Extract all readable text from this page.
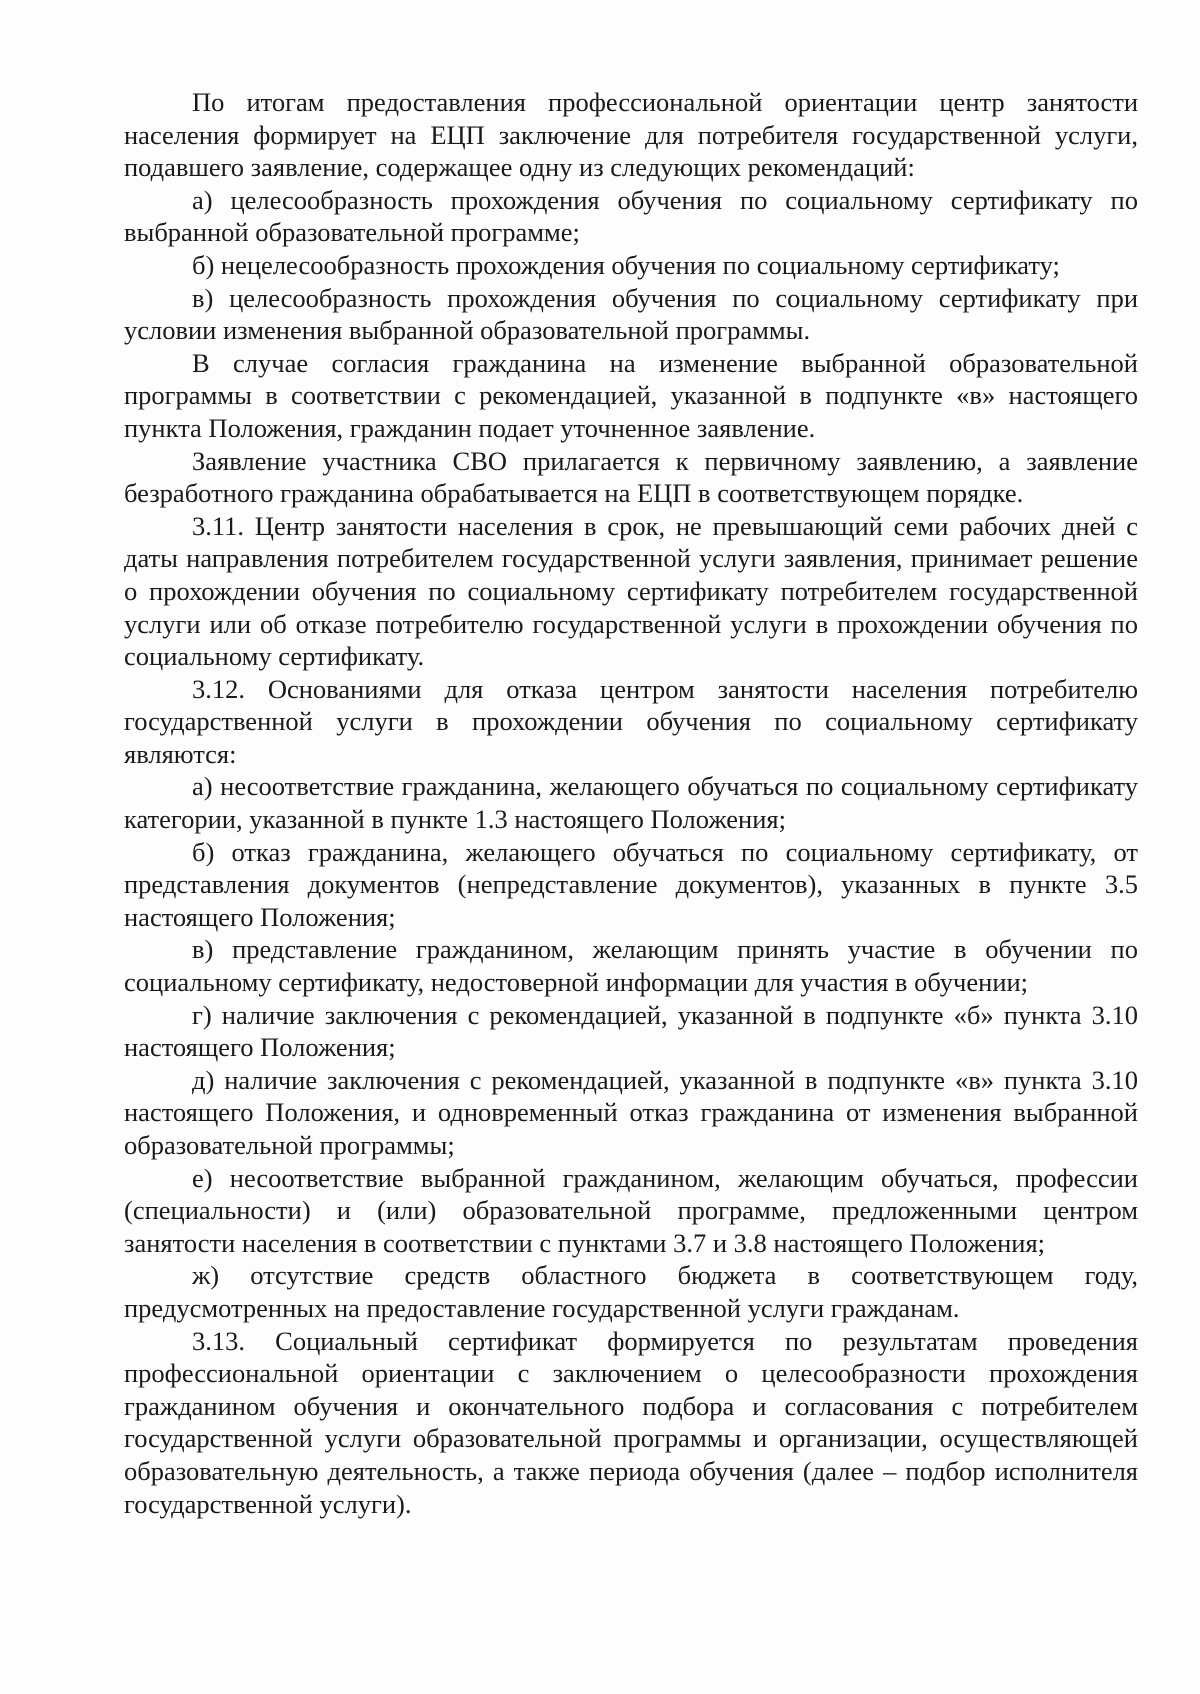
По итогам предоставления профессиональной ориентации центр занятости населения формирует на ЕЦП заключение для потребителя государственной услуги, подавшего заявление, содержащее одну из следующих рекомендаций:

а) целесообразность прохождения обучения по социальному сертификату по выбранной образовательной программе;

б) нецелесообразность прохождения обучения по социальному сертификату;

в) целесообразность прохождения обучения по социальному сертификату при условии изменения выбранной образовательной программы.

В случае согласия гражданина на изменение выбранной образовательной программы в соответствии с рекомендацией, указанной в подпункте «в» настоящего пункта Положения, гражданин подает уточненное заявление.

Заявление участника СВО прилагается к первичному заявлению, а заявление безработного гражданина обрабатывается на ЕЦП в соответствующем порядке.

3.11. Центр занятости населения в срок, не превышающий семи рабочих дней с даты направления потребителем государственной услуги заявления, принимает решение о прохождении обучения по социальному сертификату потребителем государственной услуги или об отказе потребителю государственной услуги в прохождении обучения по социальному сертификату.

3.12. Основаниями для отказа центром занятости населения потребителю государственной услуги в прохождении обучения по социальному сертификату являются:

а) несоответствие гражданина, желающего обучаться по социальному сертификату категории, указанной в пункте 1.3 настоящего Положения;

б) отказ гражданина, желающего обучаться по социальному сертификату, от представления документов (непредставление документов), указанных в пункте 3.5 настоящего Положения;

в) представление гражданином, желающим принять участие в обучении по социальному сертификату, недостоверной информации для участия в обучении;

г) наличие заключения с рекомендацией, указанной в подпункте «б» пункта 3.10 настоящего Положения;

д) наличие заключения с рекомендацией, указанной в подпункте «в» пункта 3.10 настоящего Положения, и одновременный отказ гражданина от изменения выбранной образовательной программы;

е) несоответствие выбранной гражданином, желающим обучаться, профессии (специальности) и (или) образовательной программе, предложенными центром занятости населения в соответствии с пунктами 3.7 и 3.8 настоящего Положения;

ж) отсутствие средств областного бюджета в соответствующем году, предусмотренных на предоставление государственной услуги гражданам.

3.13. Социальный сертификат формируется по результатам проведения профессиональной ориентации с заключением о целесообразности прохождения гражданином обучения и окончательного подбора и согласования с потребителем государственной услуги образовательной программы и организации, осуществляющей образовательную деятельность, а также периода обучения (далее – подбор исполнителя государственной услуги).
